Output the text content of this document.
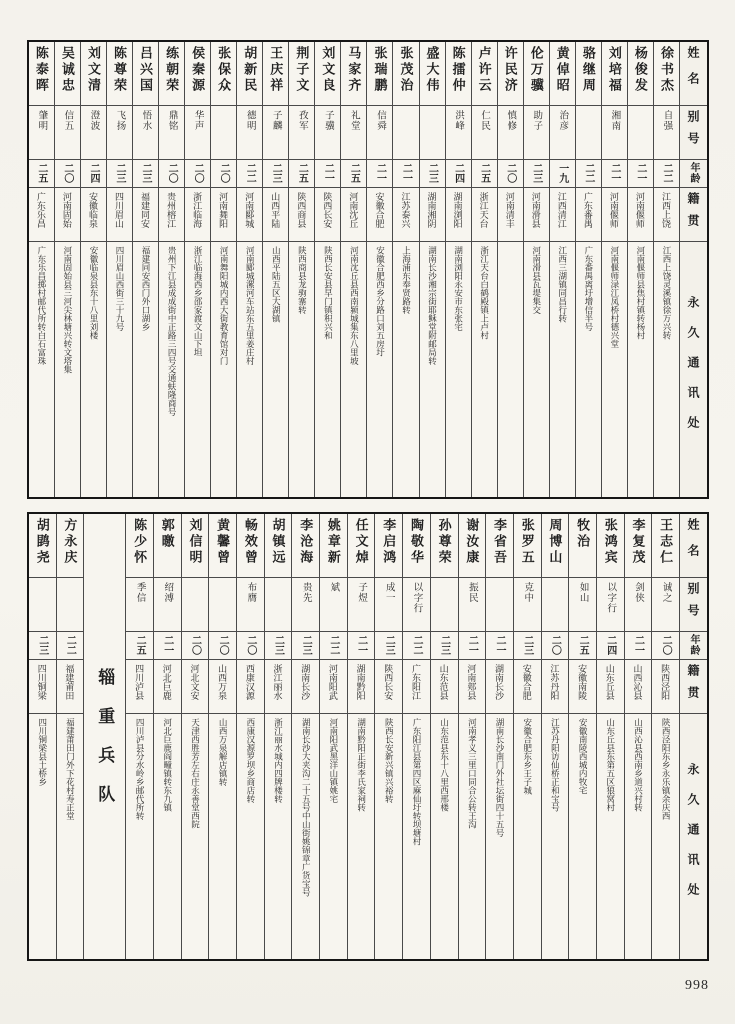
姓名
别号
年龄
籍贯
永久通讯处
徐书杰
自强
二二
江西上饶
江西上饶灵溪镇徐万兴转
杨俊发
二一
河南偃师
河南偃师县焦村镇转杨村
刘培福
湘南
二一
河南偃师
河南偃师渌江凤桥村德兴堂
骆继周
二二
广东番禺
广东番禺离圩增信半号
黄倬昭
治彦
一九
江西清江
江西三湖镇同昌行转
伦万骥
助子
二三
河南滑县
河南滑县瓦堤集交
许民济
慎修
二〇
河南清丰
卢许云
仁民
二五
浙江天台
浙江天台白鹤殿镇上卢村
陈擂仲
洪峰
二四
湖南浏阳
湖南浏阳永安市东张宅
盛大伟
二三
湖南湘阴
湖南长沙湘宗街耶稣堂附邮局转
张茂治
二一
江苏泰兴
上海浦东奉贤路转
张瑞鹏
信舜
二一
安徽合肥
安徽合肥西乡分路口刘五房圩
马家齐
礼堂
二五
河南沈丘
河南沈丘县西南颍城集东八里坡
刘文良
子骥
二一
陕西长安
陕西长安县早门镇积兴和
荆子文
孜军
二五
陕西商县
陕西商县龙驹寨转
王庆祥
子麟
二三
山西平陆
山西平陆五区大湖镇
胡新民
德明
二二
河南郾城
河南郾城漯河车站东五里姜庄村
张保众
二〇
河南舞阳
河南舞阳城内西大街教育馆对门
侯秦源
华声
二〇
浙江临海
浙江临海西乡邵家渡文山下坦
练朝荣
鼎铭
二〇
贵州榕江
贵州下江县成成街中正路三四号交通蚨隆商号
吕兴国
悟水
二三
福建同安
福建同安西门外口湖乡
陈尊荣
飞扬
二三
四川眉山
四川眉山西街三十九号
刘文清
澄波
二四
安徽临泉
安徽临泉县东十八里刘楼
吴诚忠
信五
二〇
河南固始
河南固始县三河尖林塘兴转文塔集
陈泰晖
肇明
二五
广东乐昌
广东乐昌掷村邮代所转白石富珠
姓名
别号
年龄
籍贯
永久通讯处
王志仁
诚之
二〇
陕西泾阳
陕西泾阳东乡永乐镇余庆西
李复茂
剑侠
二一
山西沁县
山西沁县西南乡道兴村转
张鸿宾
以字行
二四
山东丘县
山东丘县东第五区狼窝村
牧治
如山
二五
安徽南陵
安徽南陵西城内牧宅
周博山
二〇
江苏丹阳
江苏丹阳访仙桥正和宝号
张罗五
克中
二三
安徽合肥
安徽合肥东乡王子城
李省吾
二一
湖南长沙
湖南长沙南门外社坛街四十五号
谢汝康
振民
二一
河南郏县
河南孝义三里口同合公转王沟
孙尊荣
二三
山东范县
山东范县东十八里西邢楼
陶敬华
以字行
二二
广东阳江
广东阳江县第四区麻仙圩转坝塘村
李启鸿
成一
二三
陕西长安
陕西长安新兴镇兴裕转
任文焯
子煜
二一
湖南黔阳
湖南黔阳正街李氏家祠转
姚章新
斌
二二
河南阳武
河南阳武黑洋山镇姚宅
李沧海
贵先
二三
湖南长沙
湖南长沙大夹沟二十五号中山街姚锦章广货宝号
胡镇远
二三
浙江丽水
浙江丽水城内四牌楼转
畅效曾
布膺
二〇
西康汉源
西康汉源罗坝乡商店转
黄馨曾
二〇
山西万泉
山西万泉解店镇转
刘信明
二〇
河北文安
天津西胜芳左右庄永善堂西院
郭曒
绍溥
二一
河北巨鹿
河北巨鹿阎疃镇转东九镇
陈少怀
季信
二五
四川泸县
四川泸县分水岭乡邮代所转
辎重兵队
方永庆
二二
福建莆田
福建莆田门外下花村寿正堂
胡鹍尧
二三
四川铜梁
四川铜梁县土桥乡
998
